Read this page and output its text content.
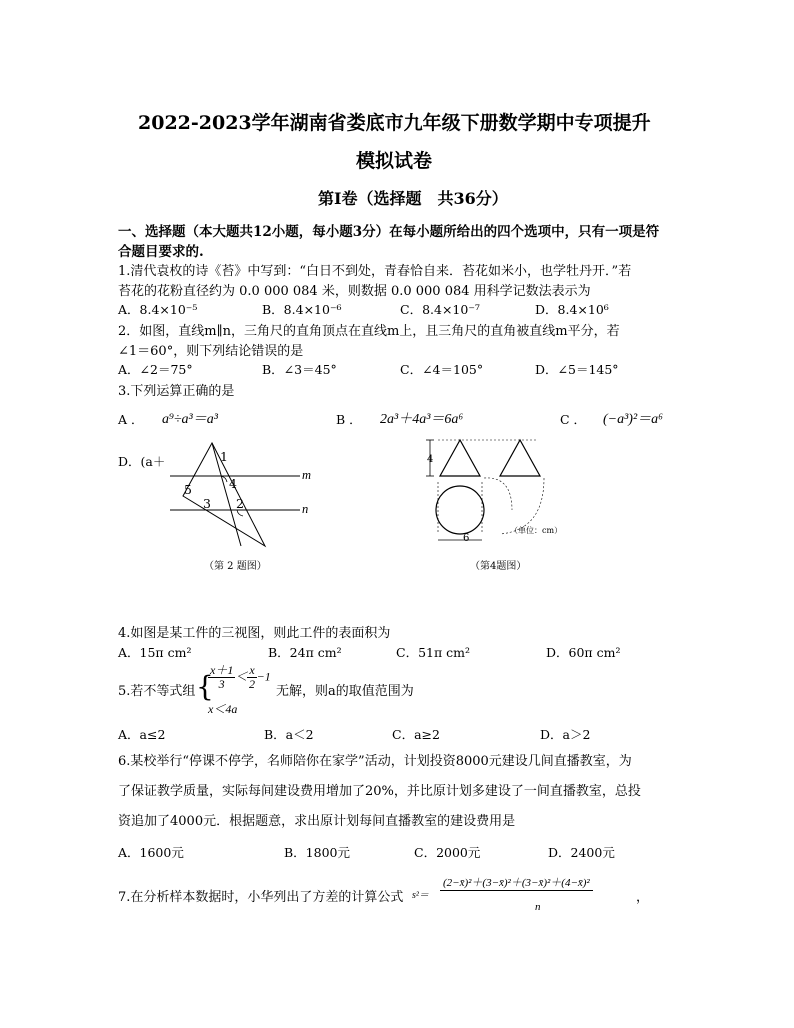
2022-2023学年湖南省娄底市九年级下册数学期中专项提升
模拟试卷
第Ⅰ卷（选择题　共36分）
一、选择题（本大题共12小题，每小题3分）在每小题所给出的四个选项中，只有一项是符
合题目要求的.
1.清代袁枚的诗《苔》中写到：“白日不到处，青春恰自来．苔花如米小，也学牡丹开．”若
苔花的花粉直径约为 0.0 000 084 米，则数据 0.0 000 084 用科学记数法表示为
A．8.4×10⁻⁵	B．8.4×10⁻⁶	C．8.4×10⁻⁷	D．8.4×10⁶
2．如图，直线m∥n，三角尺的直角顶点在直线m上，且三角尺的直角被直线m平分，若
∠1＝60°，则下列结论错误的是
A．∠2＝75°	B．∠3＝45°	C．∠4＝105°	D．∠5＝145°
3.下列运算正确的是
A ． a⁹÷a³＝a³	B ． 2a³＋4a³＝6a⁶	C ． (−a³)²＝a⁶
D．(a＋	1
4
5
3 2
m
n
（第 2 题图）
4
6
（单位：cm）
（第4题图）
4.如图是某工件的三视图，则此工件的表面积为
A．15π cm²	B．24π cm²	C．51π cm²	D．60π cm²
5.若不等式组 {
$\frac{x+1}{3} < \frac{x}{2} -1$
x＜4a
无解，则a的取值范围为
A．a≤2	B．a＜2	C．a≥2	D．a＞2
6.某校举行“停课不停学，名师陪你在家学”活动，计划投资8000元建设几间直播教室，为
了保证教学质量，实际每间建设费用增加了20%，并比原计划多建设了一间直播教室，总投
资追加了4000元．根据题意，求出原计划每间直播教室的建设费用是
A．1600元	B．1800元	C．2000元	D．2400元
7.在分析样本数据时，小华列出了方差的计算公式 s²＝
(2−x̄)²＋(3−x̄)²＋(3−x̄)²＋(4−x̄)²
n
，
